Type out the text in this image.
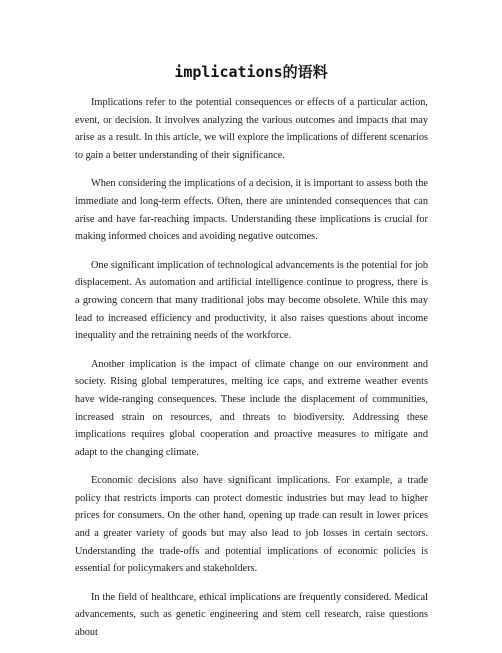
implications的语料

Implications refer to the potential consequences or effects of a particular action, event, or decision. It involves analyzing the various outcomes and impacts that may arise as a result. In this article, we will explore the implications of different scenarios to gain a better understanding of their significance.

When considering the implications of a decision, it is important to assess both the immediate and long-term effects. Often, there are unintended consequences that can arise and have far-reaching impacts. Understanding these implications is crucial for making informed choices and avoiding negative outcomes.

One significant implication of technological advancements is the potential for job displacement. As automation and artificial intelligence continue to progress, there is a growing concern that many traditional jobs may become obsolete. While this may lead to increased efficiency and productivity, it also raises questions about income inequality and the retraining needs of the workforce.

Another implication is the impact of climate change on our environment and society. Rising global temperatures, melting ice caps, and extreme weather events have wide-ranging consequences. These include the displacement of communities, increased strain on resources, and threats to biodiversity. Addressing these implications requires global cooperation and proactive measures to mitigate and adapt to the changing climate.

Economic decisions also have significant implications. For example, a trade policy that restricts imports can protect domestic industries but may lead to higher prices for consumers. On the other hand, opening up trade can result in lower prices and a greater variety of goods but may also lead to job losses in certain sectors. Understanding the trade-offs and potential implications of economic policies is essential for policymakers and stakeholders.

In the field of healthcare, ethical implications are frequently considered. Medical advancements, such as genetic engineering and stem cell research, raise questions about
